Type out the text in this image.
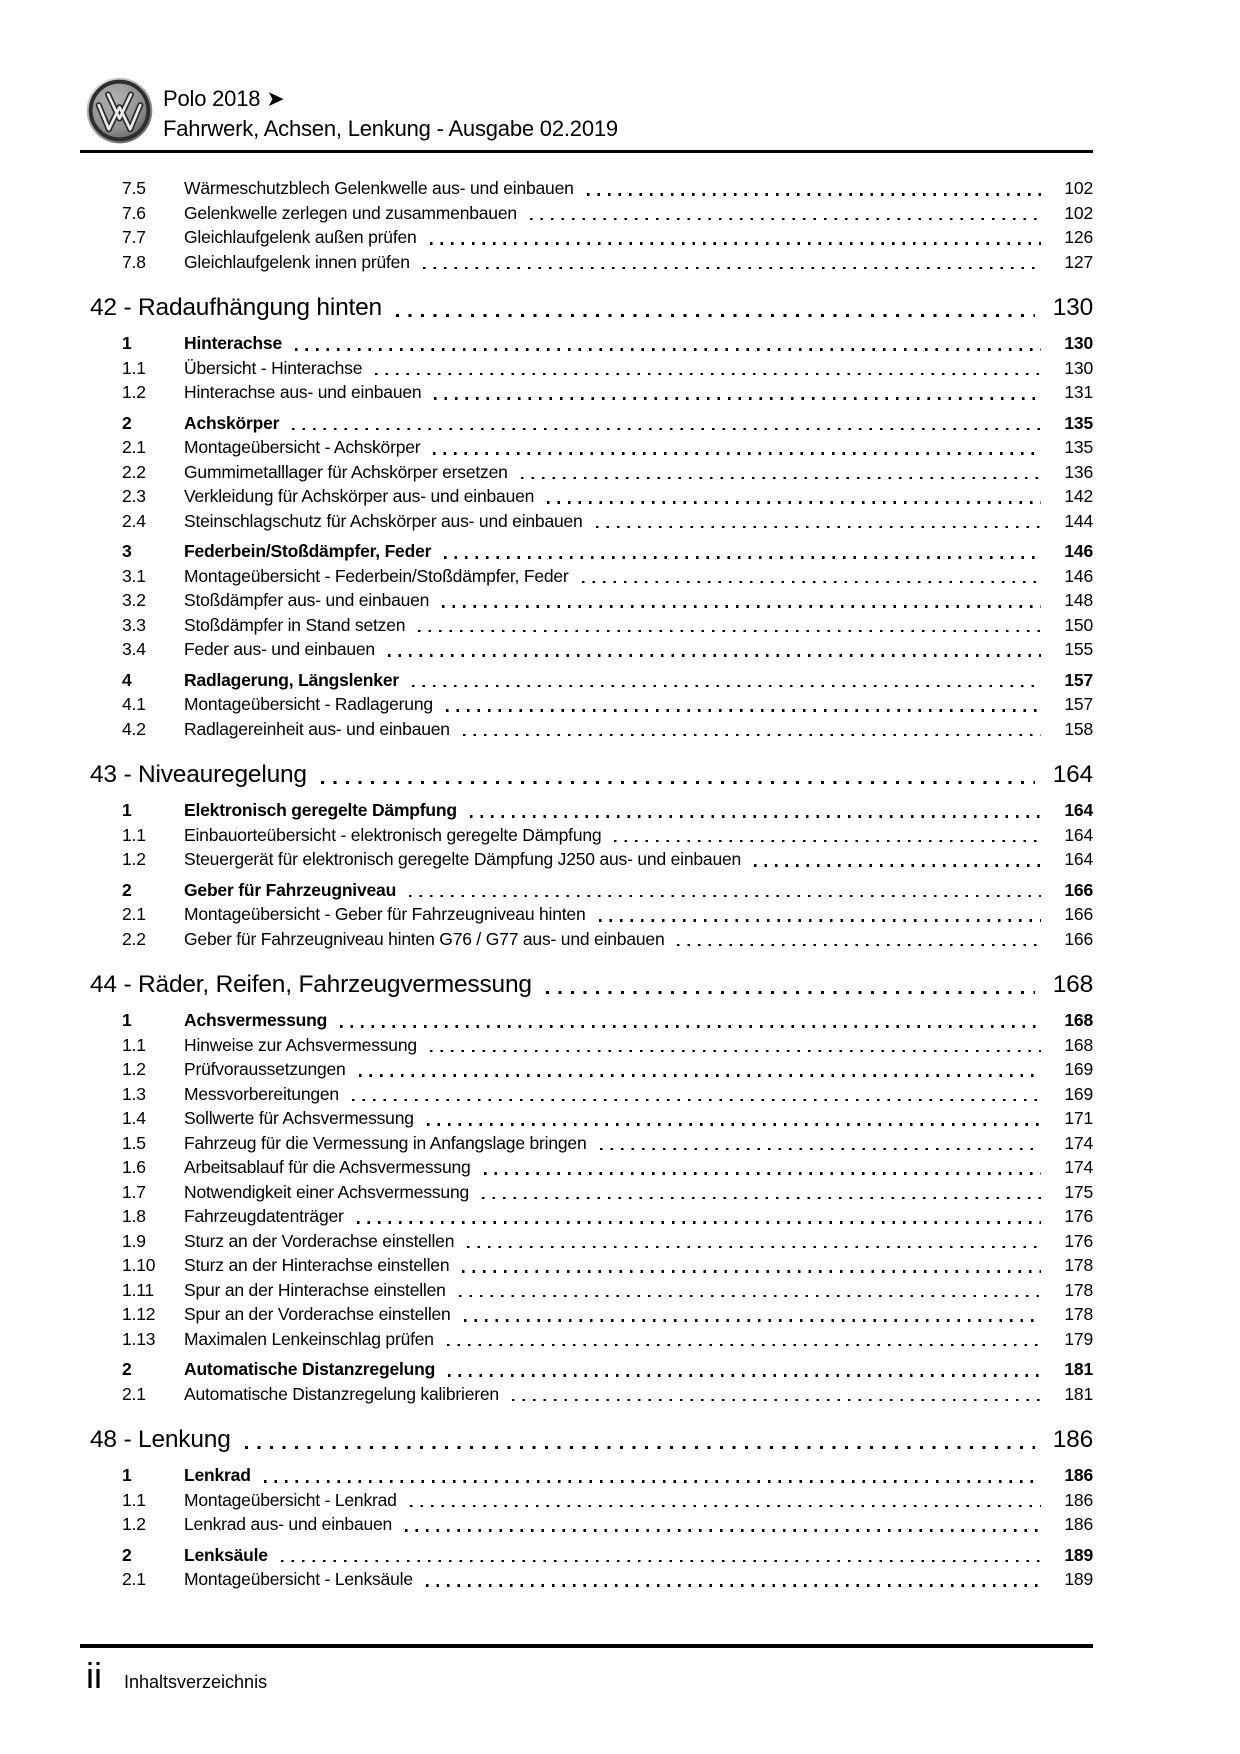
Polo 2018 ➤
Fahrwerk, Achsen, Lenkung - Ausgabe 02.2019
7.5	Wärmeschutzblech Gelenkwelle aus- und einbauen	102
7.6	Gelenkwelle zerlegen und zusammenbauen	102
7.7	Gleichlaufgelenk außen prüfen	126
7.8	Gleichlaufgelenk innen prüfen	127
42 - Radaufhängung hinten	130
1	Hinterachse	130
1.1	Übersicht - Hinterachse	130
1.2	Hinterachse aus- und einbauen	131
2	Achskörper	135
2.1	Montageübersicht - Achskörper	135
2.2	Gummimetalllager für Achskörper ersetzen	136
2.3	Verkleidung für Achskörper aus- und einbauen	142
2.4	Steinschlagschutz für Achskörper aus- und einbauen	144
3	Federbein/Stoßdämpfer, Feder	146
3.1	Montageübersicht - Federbein/Stoßdämpfer, Feder	146
3.2	Stoßdämpfer aus- und einbauen	148
3.3	Stoßdämpfer in Stand setzen	150
3.4	Feder aus- und einbauen	155
4	Radlagerung, Längslenker	157
4.1	Montageübersicht - Radlagerung	157
4.2	Radlagereinheit aus- und einbauen	158
43 - Niveauregelung	164
1	Elektronisch geregelte Dämpfung	164
1.1	Einbauorteübersicht - elektronisch geregelte Dämpfung	164
1.2	Steuergerät für elektronisch geregelte Dämpfung J250 aus- und einbauen	164
2	Geber für Fahrzeugniveau	166
2.1	Montageübersicht - Geber für Fahrzeugniveau hinten	166
2.2	Geber für Fahrzeugniveau hinten G76 / G77 aus- und einbauen	166
44 - Räder, Reifen, Fahrzeugvermessung	168
1	Achsvermessung	168
1.1	Hinweise zur Achsvermessung	168
1.2	Prüfvoraussetzungen	169
1.3	Messvorbereitungen	169
1.4	Sollwerte für Achsvermessung	171
1.5	Fahrzeug für die Vermessung in Anfangslage bringen	174
1.6	Arbeitsablauf für die Achsvermessung	174
1.7	Notwendigkeit einer Achsvermessung	175
1.8	Fahrzeugdatenträger	176
1.9	Sturz an der Vorderachse einstellen	176
1.10	Sturz an der Hinterachse einstellen	178
1.11	Spur an der Hinterachse einstellen	178
1.12	Spur an der Vorderachse einstellen	178
1.13	Maximalen Lenkeinschlag prüfen	179
2	Automatische Distanzregelung	181
2.1	Automatische Distanzregelung kalibrieren	181
48 - Lenkung	186
1	Lenkrad	186
1.1	Montageübersicht - Lenkrad	186
1.2	Lenkrad aus- und einbauen	186
2	Lenksäule	189
2.1	Montageübersicht - Lenksäule	189
ii Inhaltsverzeichnis
